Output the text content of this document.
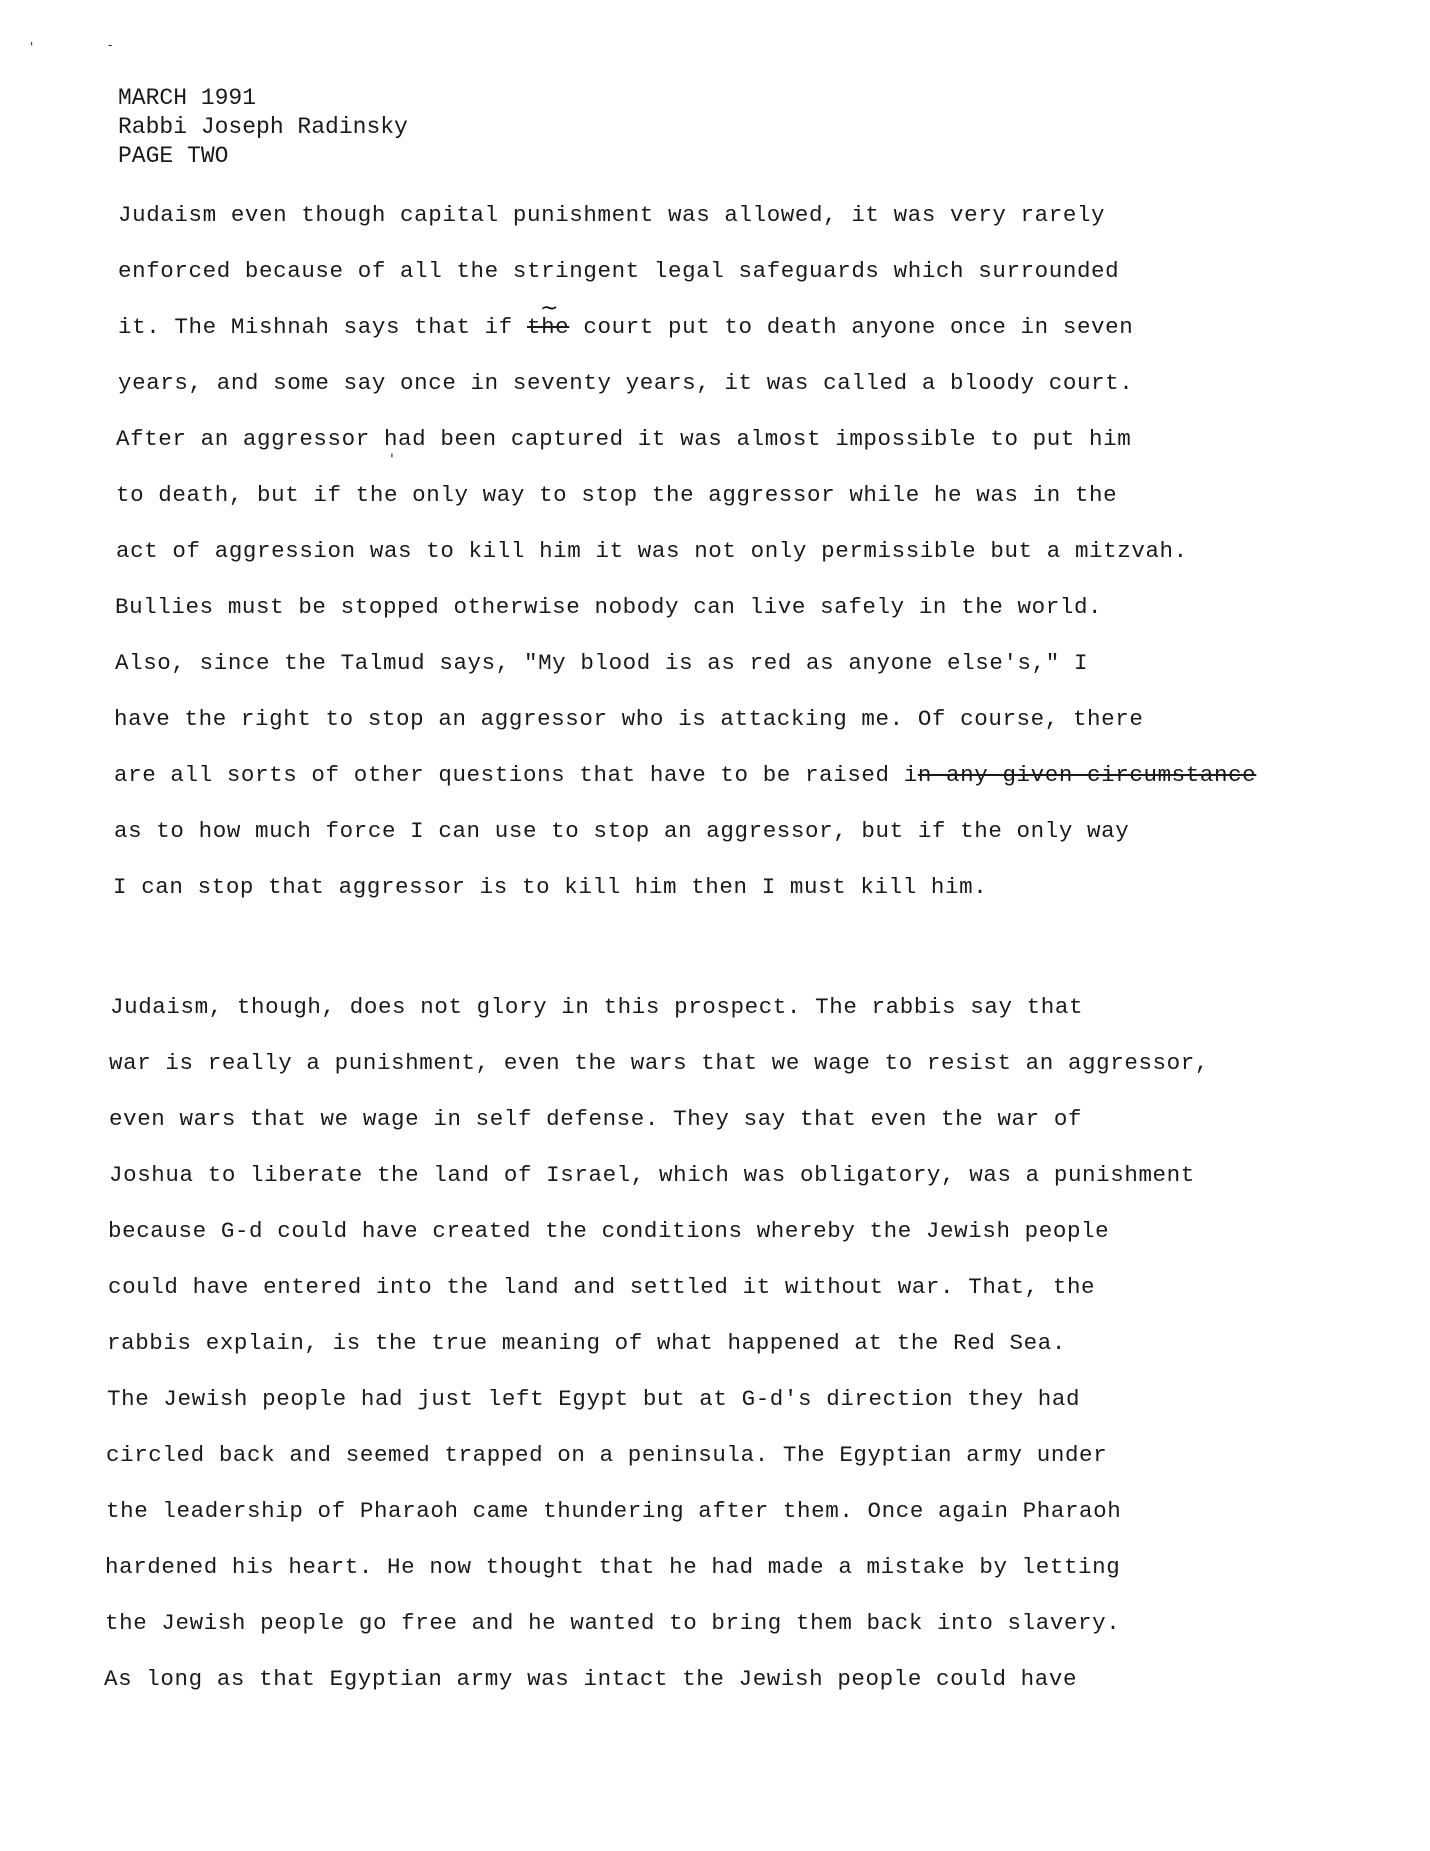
'	-
MARCH 1991
Rabbi Joseph Radinsky
PAGE TWO
Judaism even though capital punishment was allowed, it was very rarely
enforced because of all the stringent legal safeguards which surrounded
it. The Mishnah says that if the court put to death anyone once in seven
~
years, and some say once in seventy years, it was called a bloody court.
After an aggressor had been captured it was almost impossible to put him
'
to death, but if the only way to stop the aggressor while he was in the
act of aggression was to kill him it was not only permissible but a mitzvah.
Bullies must be stopped otherwise nobody can live safely in the world.
Also, since the Talmud says, "My blood is as red as anyone else's," I
have the right to stop an aggressor who is attacking me. Of course, there
are all sorts of other questions that have to be raised in any given circumstance
as to how much force I can use to stop an aggressor, but if the only way
I can stop that aggressor is to kill him then I must kill him.
Judaism, though, does not glory in this prospect. The rabbis say that
war is really a punishment, even the wars that we wage to resist an aggressor,
even wars that we wage in self defense. They say that even the war of
Joshua to liberate the land of Israel, which was obligatory, was a punishment
because G-d could have created the conditions whereby the Jewish people
could have entered into the land and settled it without war. That, the
rabbis explain, is the true meaning of what happened at the Red Sea.
The Jewish people had just left Egypt but at G-d's direction they had
circled back and seemed trapped on a peninsula. The Egyptian army under
the leadership of Pharaoh came thundering after them. Once again Pharaoh
hardened his heart. He now thought that he had made a mistake by letting
the Jewish people go free and he wanted to bring them back into slavery.
As long as that Egyptian army was intact the Jewish people could have
